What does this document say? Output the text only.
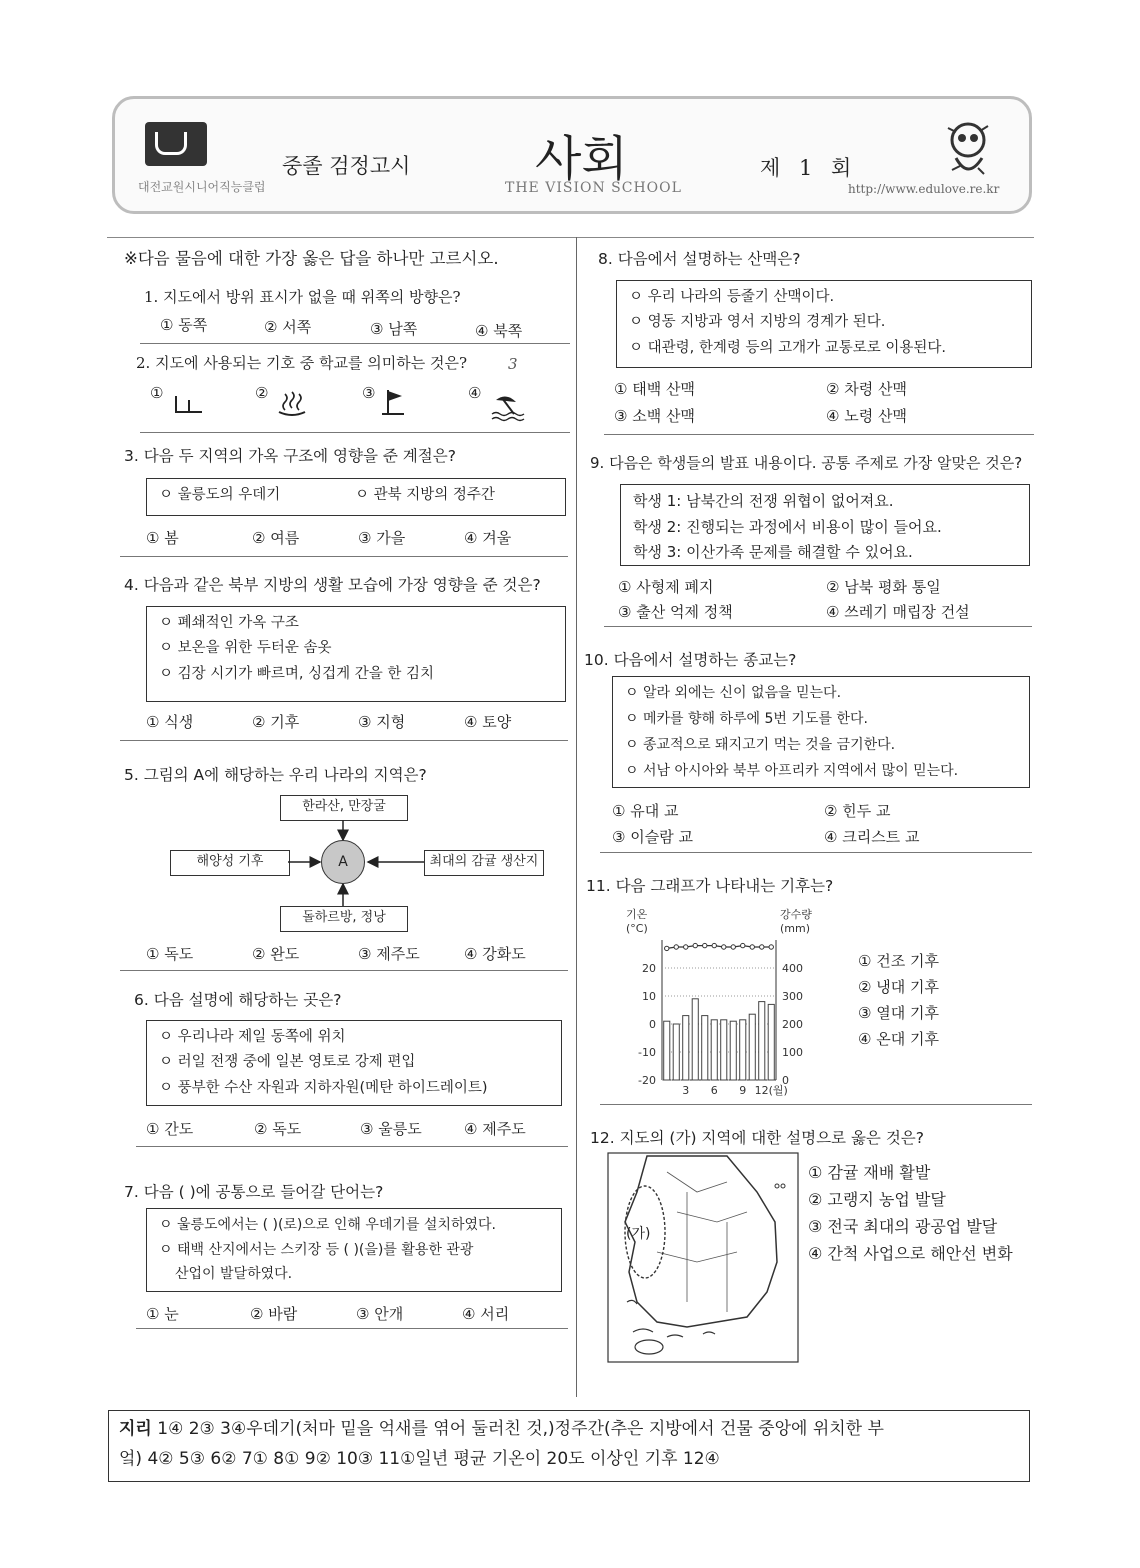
대전교원시니어직능클럽
중졸 검정고시	사회
THE VISION SCHOOL
제 1 회
http://www.edulove.re.kr
※다음 물음에 대한 가장 옳은 답을 하나만 고르시오.
1. 지도에서 방위 표시가 없을 때 위쪽의 방향은?
① 동쪽	② 서쪽	③ 남쪽	④ 북쪽
2. 지도에 사용되는 기호 중 학교를 의미하는 것은?	3
①	②	③	④
3. 다음 두 지역의 가옥 구조에 영향을 준 계절은?
ㅇ 울릉도의 우데기	ㅇ 관북 지방의 정주간
① 봄	② 여름	③ 가을	④ 겨울
4. 다음과 같은 북부 지방의 생활 모습에 가장 영향을 준 것은?
ㅇ 폐쇄적인 가옥 구조
ㅇ 보온을 위한 두터운 솜옷
ㅇ 김장 시기가 빠르며, 싱겁게 간을 한 김치
① 식생	② 기후	③ 지형	④ 토양
5. 그림의 A에 해당하는 우리 나라의 지역은?
한라산, 만장굴
해양성 기후	최대의 감귤 생산지
돌하르방, 정낭
A
① 독도	② 완도	③ 제주도	④ 강화도
6. 다음 설명에 해당하는 곳은?
ㅇ 우리나라 제일 동쪽에 위치
ㅇ 러일 전쟁 중에 일본 영토로 강제 편입
ㅇ 풍부한 수산 자원과 지하자원(메탄 하이드레이트)
① 간도	② 독도	③ 울릉도	④ 제주도
7. 다음 ( )에 공통으로 들어갈 단어는?
ㅇ 울릉도에서는 ( )(로)으로 인해 우데기를 설치하였다.
ㅇ 태백 산지에서는 스키장 등 ( )(을)를 활용한 관광
산업이 발달하였다.
① 눈	② 바람	③ 안개	④ 서리
8. 다음에서 설명하는 산맥은?
ㅇ 우리 나라의 등줄기 산맥이다.
ㅇ 영동 지방과 영서 지방의 경계가 된다.
ㅇ 대관령, 한계령 등의 고개가 교통로로 이용된다.
① 태백 산맥	② 차령 산맥
③ 소백 산맥	④ 노령 산맥
9. 다음은 학생들의 발표 내용이다. 공통 주제로 가장 알맞은 것은?
학생 1: 남북간의 전쟁 위협이 없어져요.
학생 2: 진행되는 과정에서 비용이 많이 들어요.
학생 3: 이산가족 문제를 해결할 수 있어요.
① 사형제 폐지	② 남북 평화 통일
③ 출산 억제 정책	④ 쓰레기 매립장 건설
10. 다음에서 설명하는 종교는?
ㅇ 알라 외에는 신이 없음을 믿는다.
ㅇ 메카를 향해 하루에 5번 기도를 한다.
ㅇ 종교적으로 돼지고기 먹는 것을 금기한다.
ㅇ 서남 아시아와 북부 아프리카 지역에서 많이 믿는다.
① 유대 교	② 힌두 교
③ 이슬람 교	④ 크리스트 교
11. 다음 그래프가 나타내는 기후는?
기온
(°C)
강수량
(mm)
20
10
0
-10
-20
400
300
200
100
0
3 6 9 12(월)
① 건조 기후
② 냉대 기후
③ 열대 기후
④ 온대 기후
12. 지도의 (가) 지역에 대한 설명으로 옳은 것은?
(가)
① 감귤 재배 활발
② 고랭지 농업 발달
③ 전국 최대의 광공업 발달
④ 간척 사업으로 해안선 변화
지리 1④ 2③ 3④우데기(처마 밑을 억새를 엮어 둘러친 것,)정주간(추은 지방에서 건물 중앙에 위치한 부
엌) 4② 5③ 6② 7① 8① 9② 10③ 11①일년 평균 기온이 20도 이상인 기후 12④
